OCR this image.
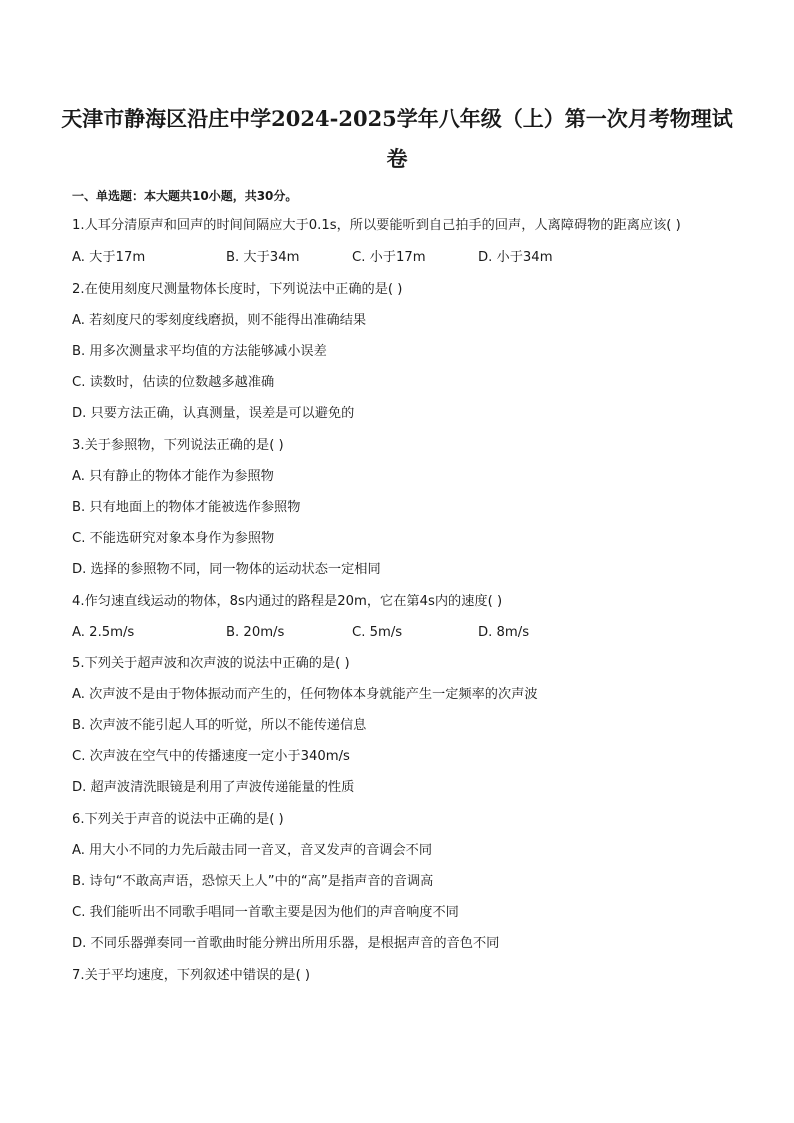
天津市静海区沿庄中学2024-2025学年八年级（上）第一次月考物理试
卷
一、单选题：本大题共10小题，共30分。
1.人耳分清原声和回声的时间间隔应大于0.1s，所以要能听到自己拍手的回声，人离障碍物的距离应该( )
A. 大于17m	B. 大于34m	C. 小于17m	D. 小于34m
2.在使用刻度尺测量物体长度时，下列说法中正确的是( )
A. 若刻度尺的零刻度线磨损，则不能得出准确结果
B. 用多次测量求平均值的方法能够减小误差
C. 读数时，估读的位数越多越准确
D. 只要方法正确，认真测量，误差是可以避免的
3.关于参照物，下列说法正确的是( )
A. 只有静止的物体才能作为参照物
B. 只有地面上的物体才能被选作参照物
C. 不能选研究对象本身作为参照物
D. 选择的参照物不同，同一物体的运动状态一定相同
4.作匀速直线运动的物体，8s内通过的路程是20m，它在第4s内的速度( )
A. 2.5m/s	B. 20m/s	C. 5m/s	D. 8m/s
5.下列关于超声波和次声波的说法中正确的是( )
A. 次声波不是由于物体振动而产生的，任何物体本身就能产生一定频率的次声波
B. 次声波不能引起人耳的听觉，所以不能传递信息
C. 次声波在空气中的传播速度一定小于340m/s
D. 超声波清洗眼镜是利用了声波传递能量的性质
6.下列关于声音的说法中正确的是( )
A. 用大小不同的力先后敲击同一音叉，音叉发声的音调会不同
B. 诗句“不敢高声语，恐惊天上人”中的“高”是指声音的音调高
C. 我们能听出不同歌手唱同一首歌主要是因为他们的声音响度不同
D. 不同乐器弹奏同一首歌曲时能分辨出所用乐器，是根据声音的音色不同
7.关于平均速度，下列叙述中错误的是( )
